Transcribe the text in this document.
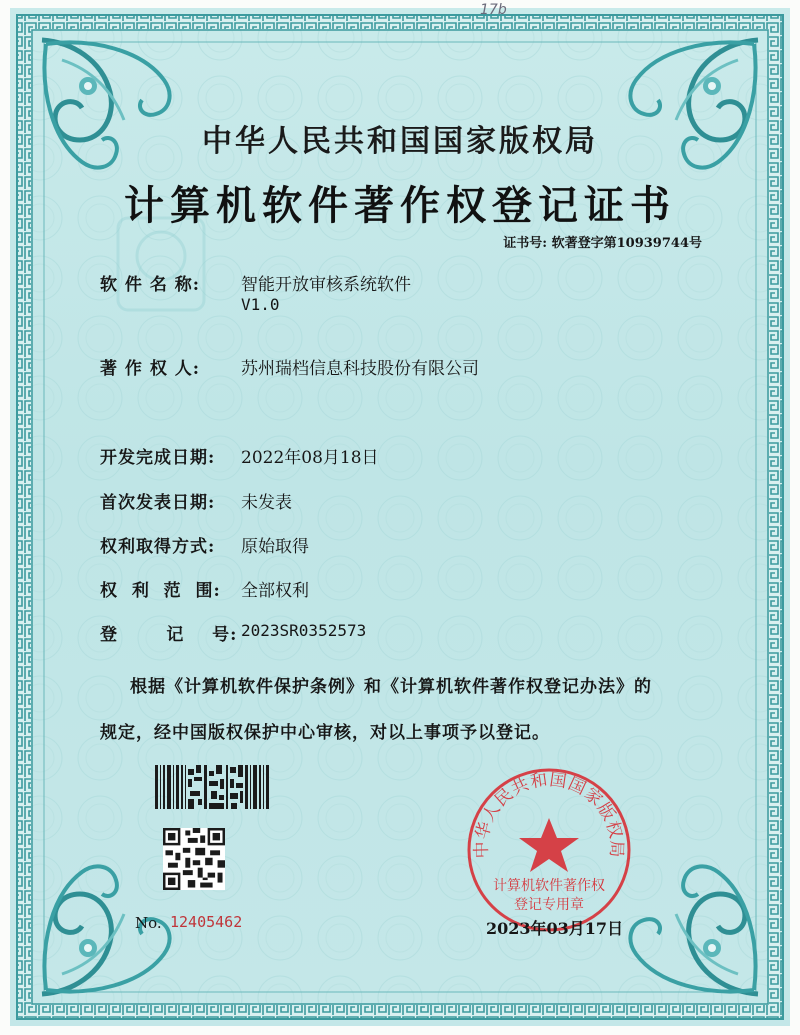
17b
中华人民共和国国家版权局
计算机软件著作权登记证书
证书号: 软著登字第10939744号
软 件 名 称: 智能开放审核系统软件
V1.0
著 作 权 人: 苏州瑞档信息科技股份有限公司
开发完成日期: 2022年08月18日
首次发表日期: 未发表
权利取得方式: 原始取得
权  利  范  围: 全部权利
登       记    号: 2023SR0352573
根据《计算机软件保护条例》和《计算机软件著作权登记办法》的
规定，经中国版权保护中心审核，对以上事项予以登记。
No. 12405462
中华人民共和国国家版权局
计算机软件著作权
登记专用章
2023年03月17日
